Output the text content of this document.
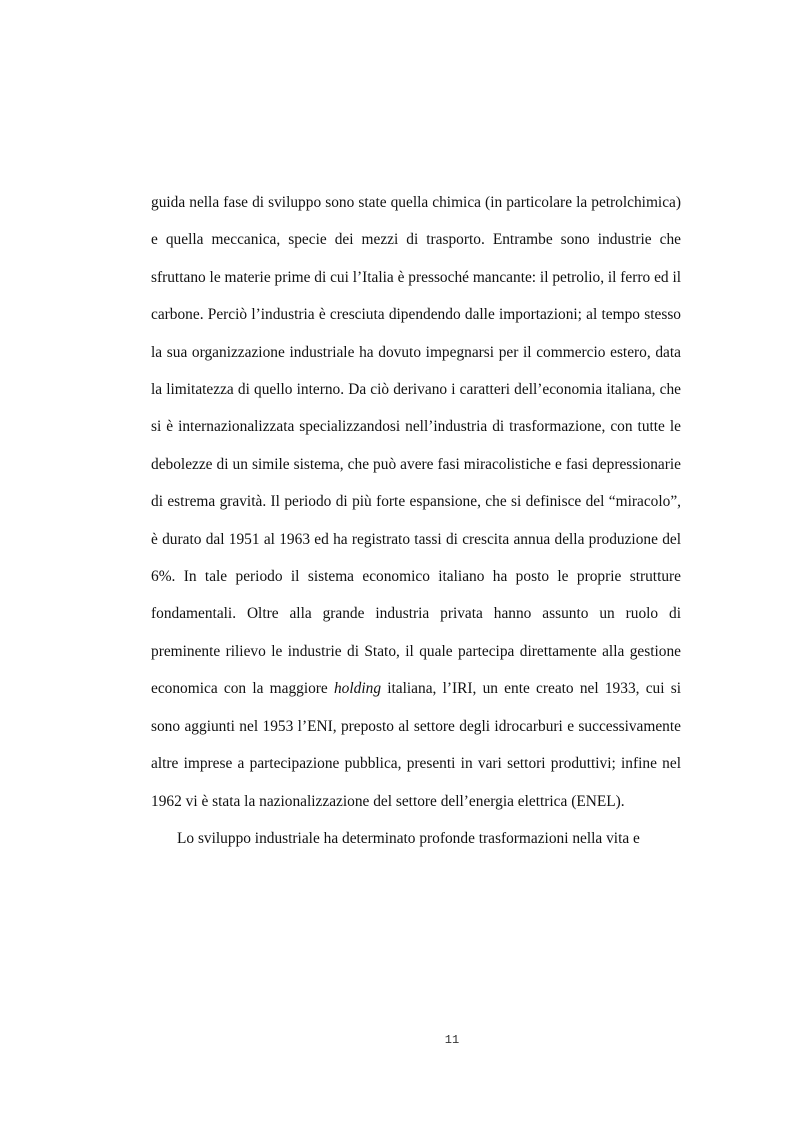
guida nella fase di sviluppo sono state quella chimica (in particolare la petrolchimica) e quella meccanica, specie dei mezzi di trasporto. Entrambe sono industrie che sfruttano le materie prime di cui l’Italia è pressoché mancante: il petrolio, il ferro ed il carbone. Perciò l’industria è cresciuta dipendendo dalle importazioni; al tempo stesso la sua organizzazione industriale ha dovuto impegnarsi per il commercio estero, data la limitatezza di quello interno. Da ciò derivano i caratteri dell’economia italiana, che si è internazionalizzata specializzandosi nell’industria di trasformazione, con tutte le debolezze di un simile sistema, che può avere fasi miracolistiche e fasi depressionarie di estrema gravità. Il periodo di più forte espansione, che si definisce del “miracolo”, è durato dal 1951 al 1963 ed ha registrato tassi di crescita annua della produzione del 6%. In tale periodo il sistema economico italiano ha posto le proprie strutture fondamentali. Oltre alla grande industria privata hanno assunto un ruolo di preminente rilievo le industrie di Stato, il quale partecipa direttamente alla gestione economica con la maggiore holding italiana, l’IRI, un ente creato nel 1933, cui si sono aggiunti nel 1953 l’ENI, preposto al settore degli idrocarburi e successivamente altre imprese a partecipazione pubblica, presenti in vari settori produttivi; infine nel 1962 vi è stata la nazionalizzazione del settore dell’energia elettrica (ENEL).

Lo sviluppo industriale ha determinato profonde trasformazioni nella vita e

11
